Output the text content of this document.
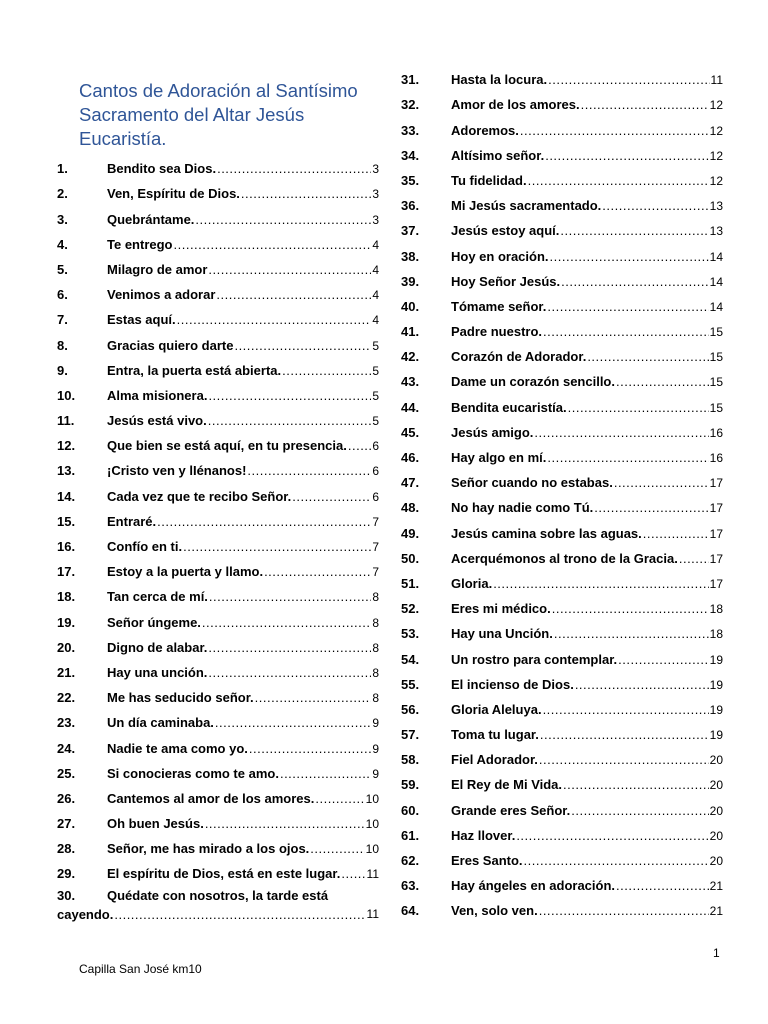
Cantos de Adoración al Santísimo Sacramento del Altar Jesús Eucaristía.
1.	Bendito sea Dios. .....	3
2.	Ven, Espíritu de Dios. .....	3
3.	Quebrántame. .....	3
4.	Te entrego .....	4
5.	Milagro de amor .....	4
6.	Venimos a adorar .....	4
7.	Estas aquí. .....	4
8.	Gracias quiero darte .....	5
9.	Entra, la puerta está abierta. .....	5
10.	Alma misionera. .....	5
11.	Jesús está vivo. .....	5
12.	Que bien se está aquí, en tu presencia. ..... 6
13.	¡Cristo ven y lIénanos! .....	6
14.	Cada vez que te recibo Señor. .....	6
15.	Entraré. .....	7
16.	Confío en ti. .....	7
17.	Estoy a la puerta y llamo. .....	7
18.	Tan cerca de mí. .....	8
19.	Señor úngeme. .....	8
20.	Digno de alabar. .....	8
21.	Hay una unción. .....	8
22.	Me has seducido señor. .....	8
23.	Un día caminaba. .....	9
24.	Nadie te ama como yo. .....	9
25.	Si conocieras como te amo. .....	9
26.	Cantemos al amor de los amores. .....	10
27.	Oh buen Jesús. .....	10
28.	Señor, me has mirado a los ojos. .....	10
29.	El espíritu de Dios, está en este lugar. ..... 11
30.	Quédate con nosotros, la tarde está
cayendo. .....	11
31.	Hasta la locura. .....	11
32.	Amor de los amores. .....	12
33.	Adoremos. .....	12
34.	Altísimo señor. .....	12
35.	Tu fidelidad. .....	12
36.	Mi Jesús sacramentado. .....	13
37.	Jesús estoy aquí. .....	13
38.	Hoy en oración. .....	14
39.	Hoy Señor Jesús. .....	14
40.	Tómame señor. .....	14
41.	Padre nuestro. .....	15
42.	Corazón de Adorador. .....	15
43.	Dame un corazón sencillo. .....	15
44.	Bendita eucaristía. .....	15
45.	Jesús amigo. .....	16
46.	Hay algo en mí. .....	16
47.	Señor cuando no estabas. .....	17
48.	No hay nadie como Tú. .....	17
49.	Jesús camina sobre las aguas. .....	17
50.	Acerquémonos al trono de la Gracia. .....	17
51.	Gloria. .....	17
52.	Eres mi médico. .....	18
53.	Hay una Unción. .....	18
54.	Un rostro para contemplar. .....	19
55.	El incienso de Dios. .....	19
56.	Gloria Aleluya. .....	19
57.	Toma tu lugar. .....	19
58.	Fiel Adorador. .....	20
59.	El Rey de Mi Vida. .....	20
60.	Grande eres Señor. .....	20
61.	Haz llover. .....	20
62.	Eres Santo. .....	20
63.	Hay ángeles en adoración. .....	21
64.	Ven, solo ven. .....	21
Capilla San José km10
1
